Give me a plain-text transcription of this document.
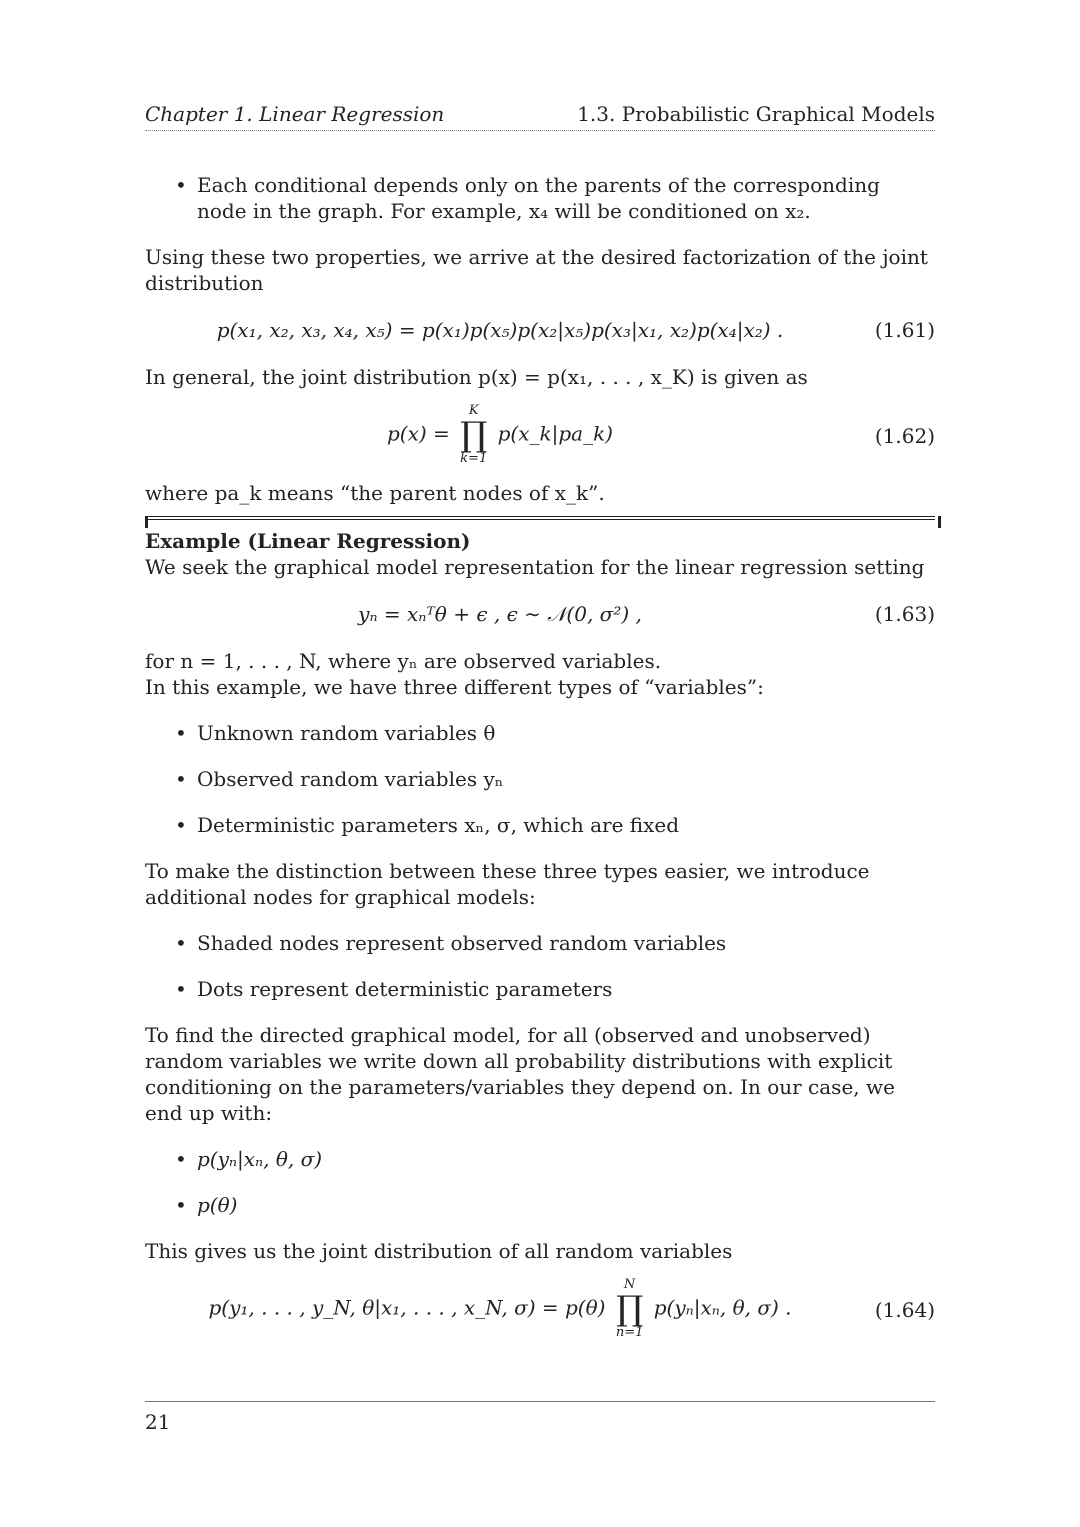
Chapter 1. Linear Regression	1.3. Probabilistic Graphical Models
• Each conditional depends only on the parents of the corresponding node in the graph. For example, x₄ will be conditioned on x₂.

Using these two properties, we arrive at the desired factorization of the joint distribution

p(x₁, x₂, x₃, x₄, x₅) = p(x₁)p(x₅)p(x₂|x₅)p(x₃|x₁, x₂)p(x₄|x₂) .	(1.61)

In general, the joint distribution p(x) = p(x₁, . . . , x_K) is given as

p(x) =
K
∏
k=1
p(x_k|pa_k)	(1.62)

where pa_k means “the parent nodes of x_k”.

Example (Linear Regression)

We seek the graphical model representation for the linear regression setting

yₙ = xₙᵀθ + ϵ , ϵ ∼ 𝒩(0, σ²) ,	(1.63)

for n = 1, . . . , N, where yₙ are observed variables.

In this example, we have three different types of “variables”:

• Unknown random variables θ
• Observed random variables yₙ
• Deterministic parameters xₙ, σ, which are fixed

To make the distinction between these three types easier, we introduce additional nodes for graphical models:

• Shaded nodes represent observed random variables
• Dots represent deterministic parameters

To find the directed graphical model, for all (observed and unobserved) random variables we write down all probability distributions with explicit conditioning on the parameters/variables they depend on. In our case, we end up with:

• p(yₙ|xₙ, θ, σ)
• p(θ)

This gives us the joint distribution of all random variables

p(y₁, . . . , y_N, θ|x₁, . . . , x_N, σ) = p(θ)
N
∏
n=1
p(yₙ|xₙ, θ, σ) .	(1.64)
21
